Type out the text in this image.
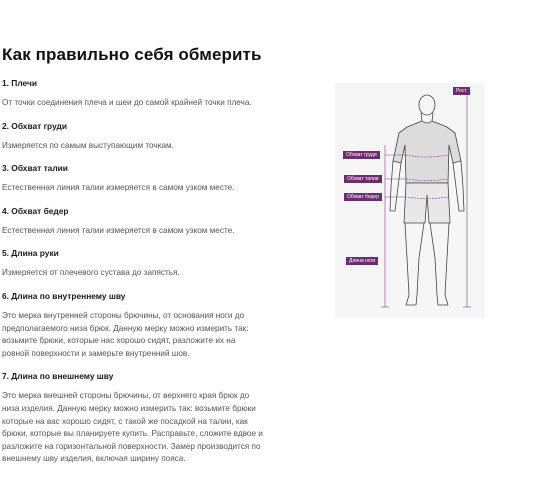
Как правильно себя обмерить

1. Плечи

От точки соединения плеча и шеи до самой крайней точки плеча.

2. Обхват груди

Измеряется по самым выступающим точкам.

3. Обхват талии

Естественная линия талии измеряется в самом узком месте.

4. Обхват бедер

Естественная линия талии измеряется в самом узком месте.

5. Длина руки

Измеряется от плечевого сустава до запястья.

6. Длина по внутреннему шву

Это мерка внутренней стороны брючины, от основания ноги до предполагаемого низа брюк. Данную мерку можно измерить так: возьмите брюки, которые нас хорошо сидят, разложите их на ровной поверхности и замерьте внутренний шов.

7. Длина по внешнему шву

Это мерка внешней стороны брючины, от верхнего края брюк до низа изделия. Данную мерку можно измерить так: возьмите брюки которые на вас хорошо сидят, с такой же посадкой на талии, как брюки, которые вы планируете купить. Расправьте, сложите вдвое и разложите на горизонтальной поверхности. Замер производится по внешнему шву изделия, включая ширину пояса.

Рост
Обхват груди
Обхват талии
Обхват бедер
Длина ноги
